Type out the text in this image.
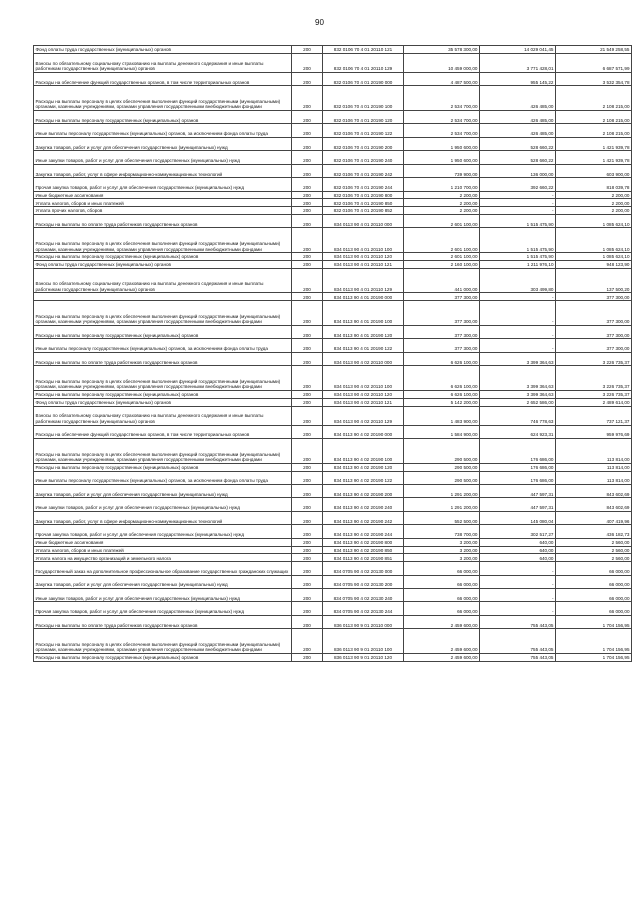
90
Фонд оплаты труда государственных (муниципальных) органов	200	832 0106 70 4 01 20110 121	35 578 300,00	14 029 041,45	21 549 258,55
Взносы по обязательному социальному страхованию на выплаты денежного содержания и иные выплаты работникам государственных (муниципальных) органов	200	832 0106 70 4 01 20110 129	10 459 000,00	3 771 428,01	6 687 571,99
Расходы на обеспечение функций государственных органов, в том числе территориальных органов	200	832 0106 70 4 01 20190 000	4 487 500,00	955 145,22	3 532 354,78
Расходы на выплаты персоналу в целях обеспечения выполнения функций государственными (муниципальными) органами, казенными учреждениями, органами управления государственными внебюджетными фондами	200	832 0106 70 4 01 20190 100	2 534 700,00	426 485,00	2 108 215,00
Расходы на выплаты персоналу государственных (муниципальных) органов	200	832 0106 70 4 01 20190 120	2 534 700,00	426 485,00	2 108 215,00
Иные выплаты персоналу государственных (муниципальных) органов, за исключением фонда оплаты труда	200	832 0106 70 4 01 20190 122	2 534 700,00	426 485,00	2 108 215,00
Закупка товаров, работ и услуг для обеспечения государственных (муниципальных) нужд	200	832 0106 70 4 01 20190 200	1 950 600,00	528 660,22	1 421 939,78
Иные закупки товаров, работ и услуг для обеспечения государственных (муниципальных) нужд	200	832 0106 70 4 01 20190 240	1 950 600,00	528 660,22	1 421 939,78
Закупка товаров, работ, услуг в сфере информационно-коммуникационных технологий	200	832 0106 70 4 01 20190 242	739 900,00	136 000,00	603 900,00
Прочая закупка товаров, работ и услуг для обеспечения государственных (муниципальных) нужд	200	832 0106 70 4 01 20190 244	1 210 700,00	392 660,22	818 039,78
Иные бюджетные ассигнования	200	832 0106 70 4 01 20190 800	2 200,00	-	2 200,00
Уплата налогов, сборов и иных платежей	200	832 0106 70 4 01 20190 850	2 200,00	-	2 200,00
Уплата прочих налогов, сборов	200	832 0106 70 4 01 20190 852	2 200,00	-	2 200,00
Расходы на выплаты по оплате труда работников государственных органов	200	834 0113 90 4 01 20110 000	2 601 100,00	1 515 475,90	1 085 624,10
Расходы на выплаты персоналу в целях обеспечения выполнения функций государственными (муниципальными) органами, казенными учреждениями, органами управления государственными внебюджетными фондами	200	834 0113 90 4 01 20110 100	2 601 100,00	1 515 475,90	1 085 624,10
Расходы на выплаты персоналу государственных (муниципальных) органов	200	834 0113 90 4 01 20110 120	2 601 100,00	1 515 475,90	1 085 624,10
Фонд оплаты труда государственных (муниципальных) органов	200	834 0113 90 4 01 20110 121	2 160 100,00	1 211 976,10	948 123,90
Взносы по обязательному социальному страхованию на выплаты денежного содержания и иные выплаты работникам государственных (муниципальных) органов	200	834 0113 90 4 01 20110 129	441 000,00	303 499,80	137 500,20
	200	834 0113 90 4 01 20190 000	377 300,00	-	377 300,00
Расходы на выплаты персоналу в целях обеспечения выполнения функций государственными (муниципальными) органами, казенными учреждениями, органами управления государственными внебюджетными фондами	200	834 0113 90 4 01 20190 100	377 300,00	-	377 300,00
Расходы на выплаты персоналу государственных (муниципальных) органов	200	834 0113 90 4 01 20190 120	377 300,00	-	377 300,00
Иные выплаты персоналу государственных (муниципальных) органов, за исключением фонда оплаты труда	200	834 0113 90 4 01 20190 122	377 300,00	-	377 300,00
Расходы на выплаты по оплате труда работников государственных органов	200	834 0113 90 4 02 20110 000	6 626 100,00	3 399 364,63	3 226 735,37
Расходы на выплаты персоналу в целях обеспечения выполнения функций государственными (муниципальными) органами, казенными учреждениями, органами управления государственными внебюджетными фондами	200	834 0113 90 4 02 20110 100	6 626 100,00	3 399 364,63	3 226 735,37
Расходы на выплаты персоналу государственных (муниципальных) органов	200	834 0113 90 4 02 20110 120	6 626 100,00	3 399 364,63	3 226 735,37
Фонд оплаты труда государственных (муниципальных) органов	200	834 0113 90 4 02 20110 121	5 142 200,00	2 652 586,00	2 489 614,00
Взносы по обязательному социальному страхованию на выплаты денежного содержания и иные выплаты работникам государственных (муниципальных) органов	200	834 0113 90 4 02 20110 129	1 483 900,00	746 778,63	737 121,37
Расходы на обеспечение функций государственных органов, в том числе территориальных органов	200	834 0113 90 4 02 20190 000	1 584 900,00	624 923,31	959 976,69
Расходы на выплаты персоналу в целях обеспечения выполнения функций государственными (муниципальными) органами, казенными учреждениями, органами управления государственными внебюджетными фондами	200	834 0113 90 4 02 20190 100	290 500,00	176 686,00	113 814,00
Расходы на выплаты персоналу государственных (муниципальных) органов	200	834 0113 90 4 02 20190 120	290 500,00	176 686,00	113 814,00
Иные выплаты персоналу государственных (муниципальных) органов, за исключением фонда оплаты труда	200	834 0113 90 4 02 20190 122	290 500,00	176 686,00	113 814,00
Закупка товаров, работ и услуг для обеспечения государственных (муниципальных) нужд	200	834 0113 90 4 02 20190 200	1 291 200,00	447 597,31	843 602,69
Иные закупки товаров, работ и услуг для обеспечения государственных (муниципальных) нужд	200	834 0113 90 4 02 20190 240	1 291 200,00	447 597,31	843 602,69
Закупка товаров, работ, услуг в сфере информационно-коммуникационных технологий	200	834 0113 90 4 02 20190 242	552 500,00	145 080,04	407 419,96
Прочая закупка товаров, работ и услуг для обеспечения государственных (муниципальных) нужд	200	834 0113 90 4 02 20190 244	738 700,00	302 517,27	436 182,73
Иные бюджетные ассигнования	200	834 0113 90 4 02 20190 800	3 200,00	640,00	2 560,00
Уплата налогов, сборов и иных платежей	200	834 0113 90 4 02 20190 850	3 200,00	640,00	2 560,00
Уплата налога на имущество организаций и земельного налога	200	834 0113 90 4 02 20190 851	3 200,00	640,00	2 560,00
Государственный заказ на дополнительное профессиональное образование государственных гражданских служащих	200	834 0705 90 4 02 20130 000	66 000,00	-	66 000,00
Закупка товаров, работ и услуг для обеспечения государственных (муниципальных) нужд	200	834 0705 90 4 02 20130 200	66 000,00	-	66 000,00
Иные закупки товаров, работ и услуг для обеспечения государственных (муниципальных) нужд	200	834 0705 90 4 02 20130 240	66 000,00	-	66 000,00
Прочая закупка товаров, работ и услуг для обеспечения государственных (муниципальных) нужд	200	834 0705 90 4 02 20130 244	66 000,00	-	66 000,00
Расходы на выплаты по оплате труда работников государственных органов	200	836 0113 90 9 01 20110 000	2 459 600,00	755 443,05	1 704 156,95
Расходы на выплаты персоналу в целях обеспечения выполнения функций государственными (муниципальными) органами, казенными учреждениями, органами управления государственными внебюджетными фондами	200	836 0113 90 9 01 20110 100	2 459 600,00	755 443,05	1 704 156,95
Расходы на выплаты персоналу государственных (муниципальных) органов	200	836 0113 90 9 01 20110 120	2 459 600,00	755 443,05	1 704 156,95
